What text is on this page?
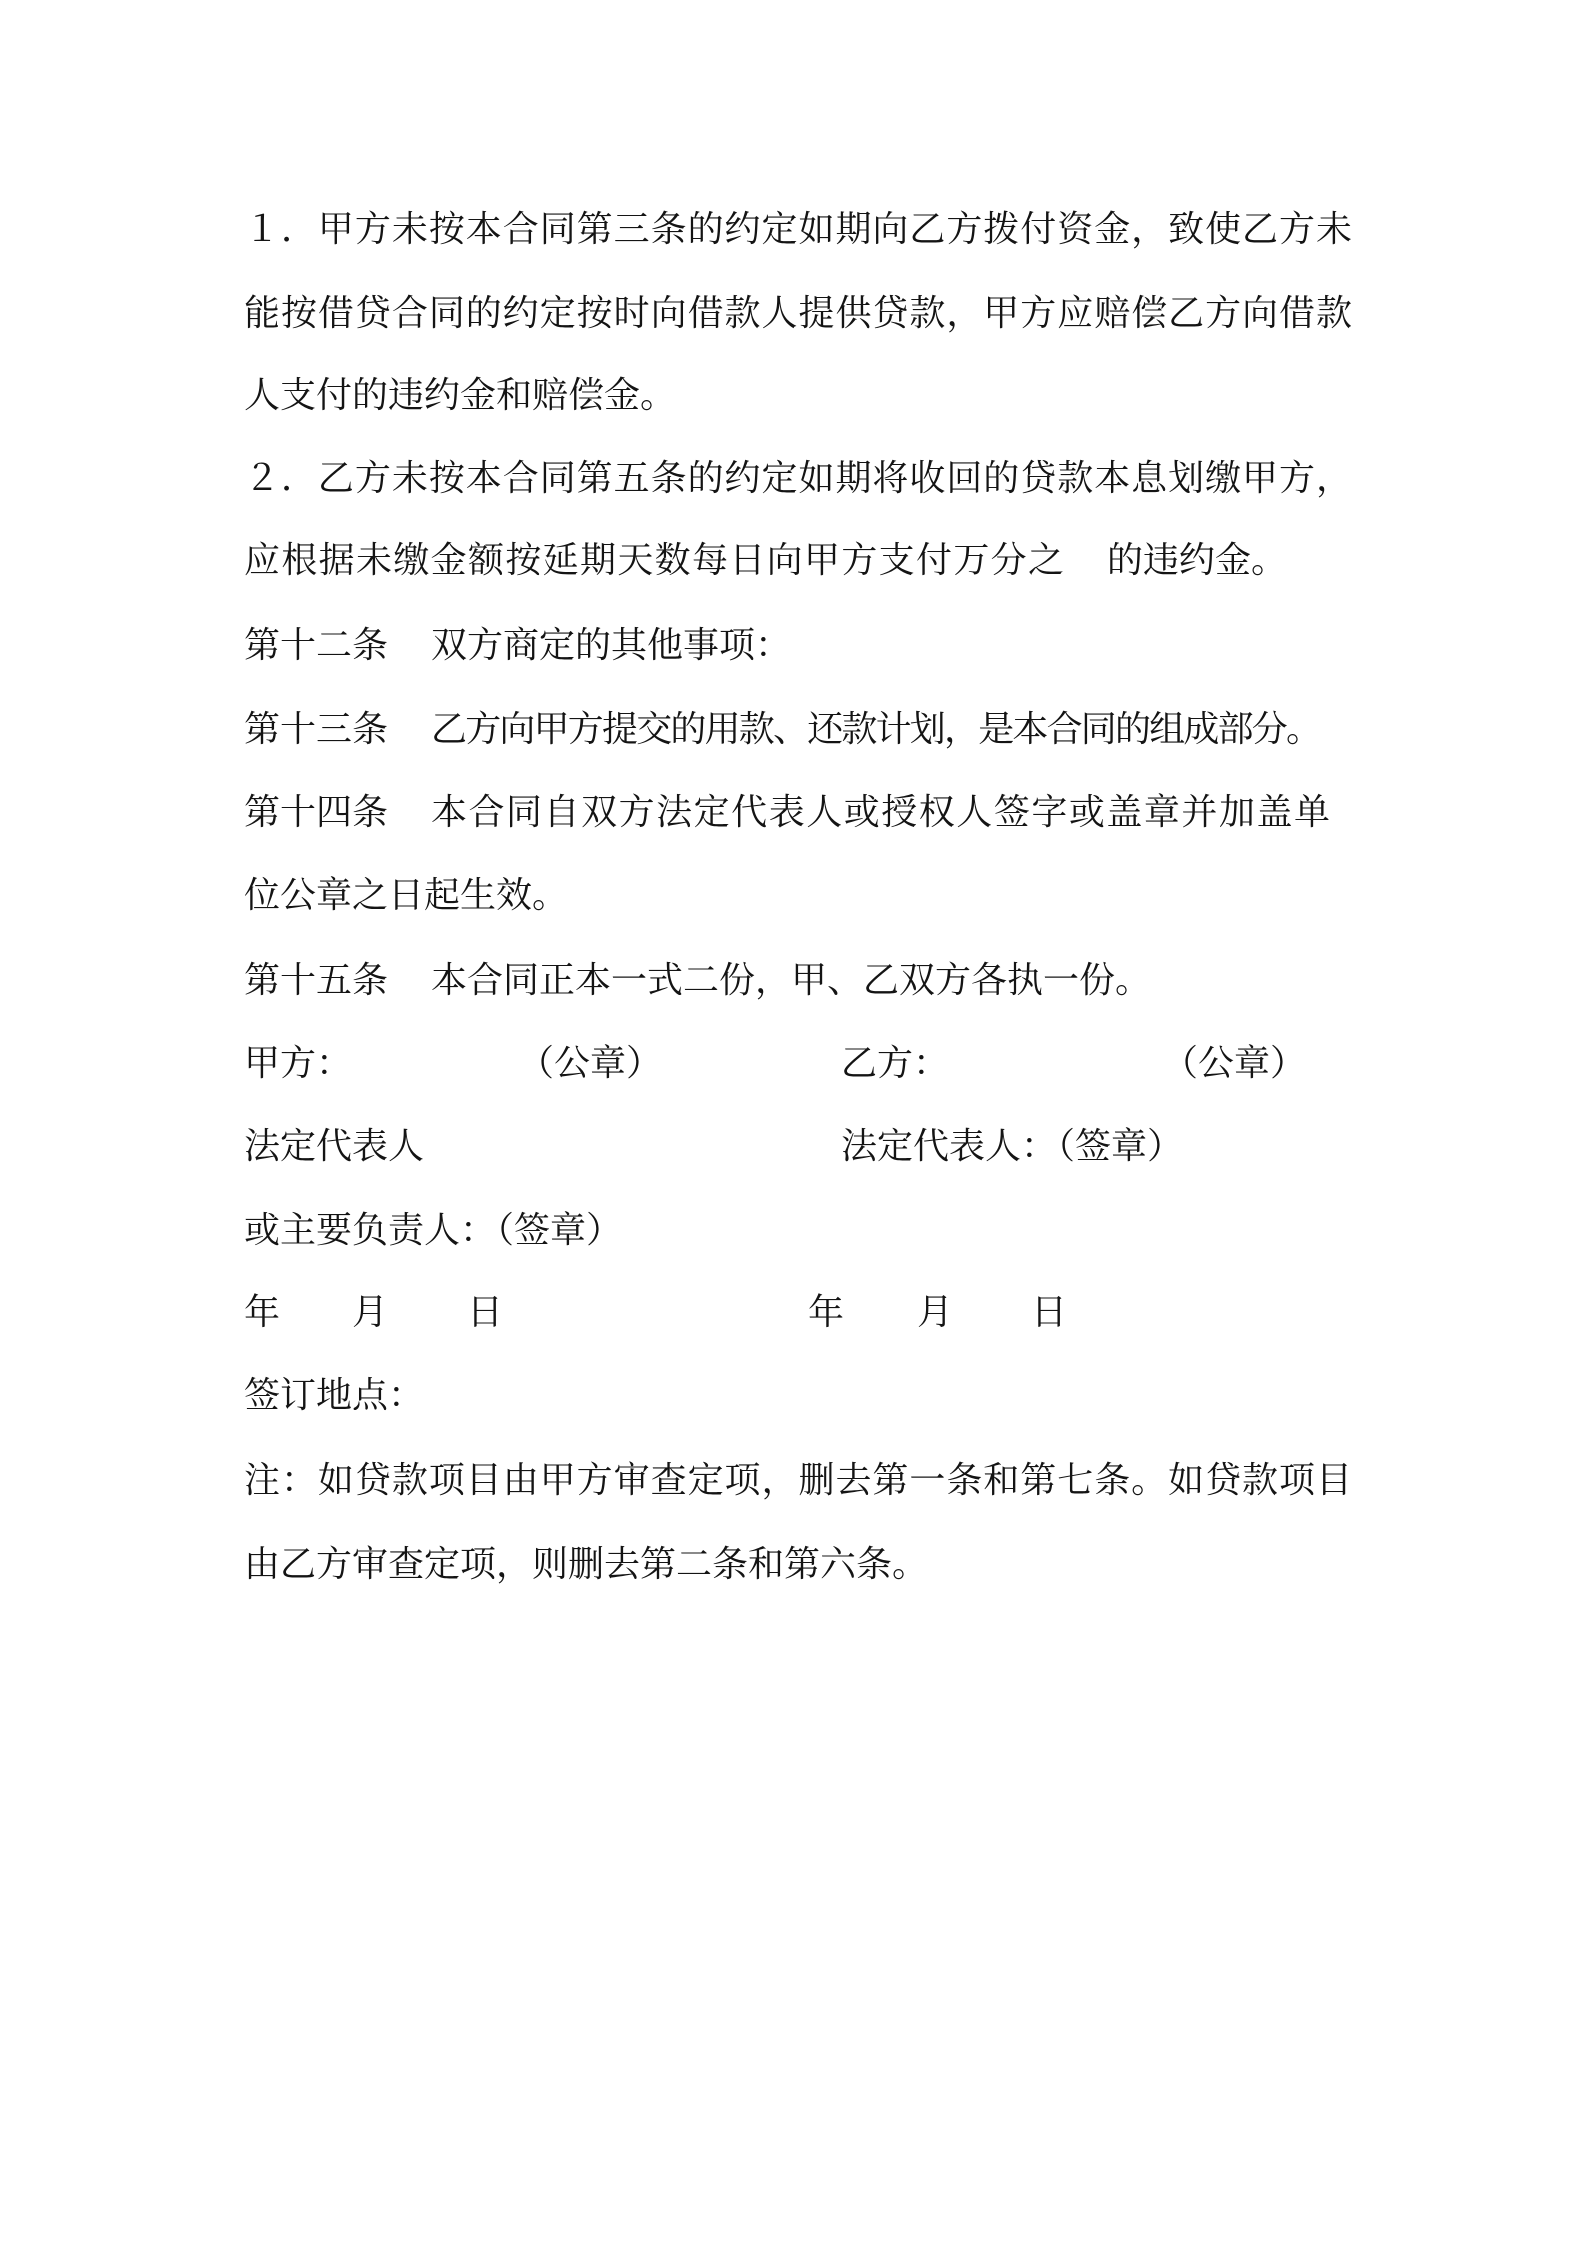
１．甲方未按本合同第三条的约定如期向乙方拨付资金，致使乙方未
能按借贷合同的约定按时向借款人提供贷款，甲方应赔偿乙方向借款
人支付的违约金和赔偿金。
２．乙方未按本合同第五条的约定如期将收回的贷款本息划缴甲方，
应根据未缴金额按延期天数每日向甲方支付万分之 的违约金。
第十二条 双方商定的其他事项：
第十三条 乙方向甲方提交的用款、还款计划，是本合同的组成部分。
第十四条 本合同自双方法定代表人或授权人签字或盖章并加盖单
位公章之日起生效。
第十五条 本合同正本一式二份，甲、乙双方各执一份。
甲方：	（公章）	乙方：	（公章）
法定代表人	法定代表人：（签章）
或主要负责人：（签章）
年 月 日	年 月 日
签订地点：
注：如贷款项目由甲方审查定项，删去第一条和第七条。如贷款项目
由乙方审查定项，则删去第二条和第六条。
